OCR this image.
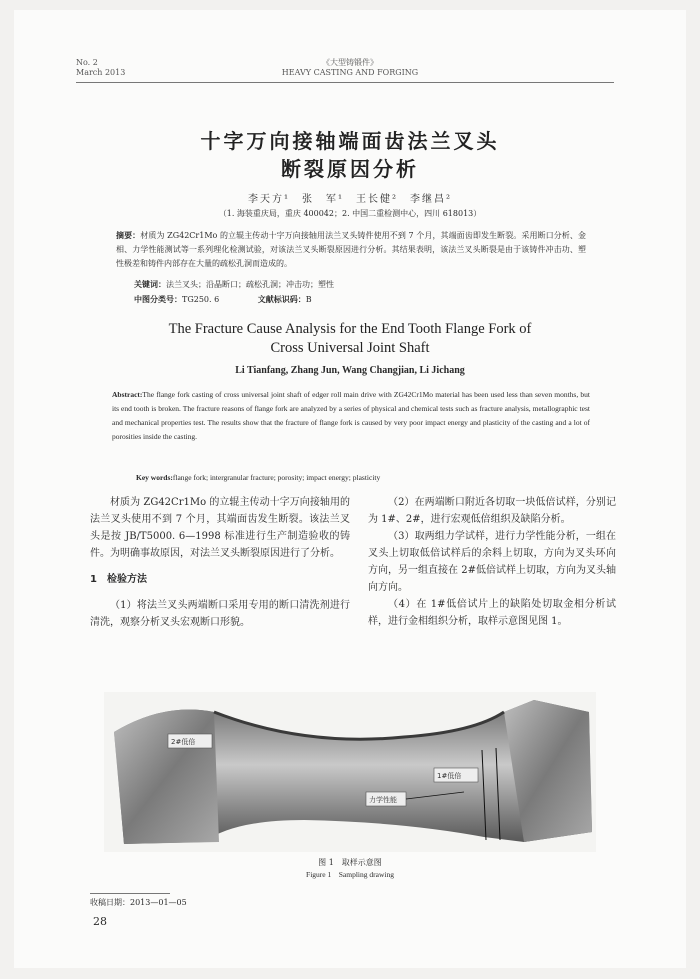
No. 2
March 2013
《大型铸锻件》
HEAVY CASTING AND FORGING
十字万向接轴端面齿法兰叉头
断裂原因分析
李天方¹　张　军¹　王长健²　李继昌²
（1. 海装重庆局，重庆 400042；2. 中国二重检测中心，四川 618013）
摘要：材质为 ZG42Cr1Mo 的立辊主传动十字万向接轴用法兰叉头铸件使用不到 7 个月，其端面齿即发生断裂。采用断口分析、金相、力学性能测试等一系列理化检测试验，对该法兰叉头断裂原因进行分析。其结果表明，该法兰叉头断裂是由于该铸件冲击功、塑性极差和铸件内部存在大量的疏松孔洞而造成的。
关键词：法兰叉头；沿晶断口；疏松孔洞；冲击功；塑性
中图分类号：TG250. 6	文献标识码：B
The Fracture Cause Analysis for the End Tooth Flange Fork of
Cross Universal Joint Shaft
Li Tianfang, Zhang Jun, Wang Changjian, Li Jichang
Abstract:The flange fork casting of cross universal joint shaft of edger roll main drive with ZG42Cr1Mo material has been used less than seven months, but its end tooth is broken. The fracture reasons of flange fork are analyzed by a series of physical and chemical tests such as fracture analysis, metallographic test and mechanical properties test. The results show that the fracture of flange fork is caused by very poor impact energy and plasticity of the casting and a lot of porosities inside the casting.
Key words:flange fork; intergranular fracture; porosity; impact energy; plasticity

材质为 ZG42Cr1Mo 的立辊主传动十字万向接轴用的法兰叉头使用不到 7 个月，其端面齿发生断裂。该法兰叉头是按 JB/T5000. 6—1998 标准进行生产制造验收的铸件。为明确事故原因，对法兰叉头断裂原因进行了分析。

1　检验方法

（1）将法兰叉头两端断口采用专用的断口清洗剂进行清洗，观察分析叉头宏观断口形貌。

（2）在两端断口附近各切取一块低倍试样，分别记为 1#、2#，进行宏观低倍组织及缺陷分析。

（3）取两组力学试样，进行力学性能分析，一组在叉头上切取低倍试样后的余料上切取，方向为叉头环向方向，另一组直接在 2#低倍试样上切取，方向为叉头轴向方向。

（4）在 1#低倍试片上的缺陷处切取金相分析试样，进行金相组织分析，取样示意图见图 1。

2#低倍
1#低倍
力学性能
图 1　取样示意图
Figure 1　Sampling drawing
收稿日期：2013—01—05
28
